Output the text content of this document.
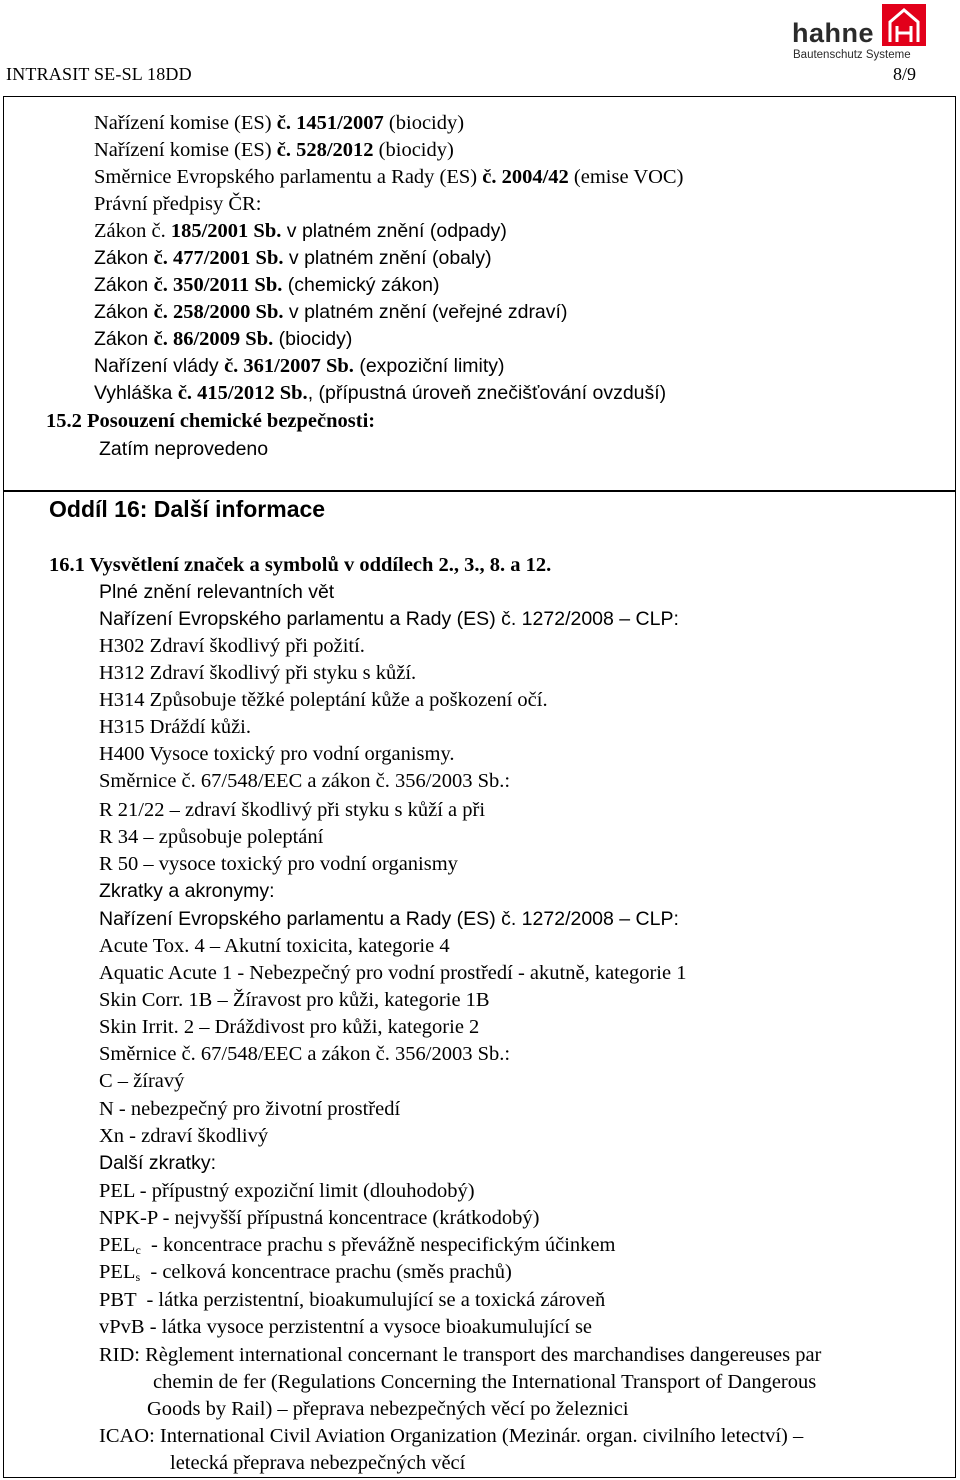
INTRASIT SE-SL 18DD	8/9
hahne
Bautenschutz Systeme
Nařízení komise (ES) č. 1451/2007 (biocidy)
Nařízení komise (ES) č. 528/2012 (biocidy)
Směrnice Evropského parlamentu a Rady (ES) č. 2004/42 (emise VOC)
Právní předpisy ČR:
Zákon č. 185/2001 Sb. v platném znění (odpady)
Zákon č. 477/2001 Sb. v platném znění (obaly)
Zákon č. 350/2011 Sb. (chemický zákon)
Zákon č. 258/2000 Sb. v platném znění (veřejné zdraví)
Zákon č. 86/2009 Sb. (biocidy)
Nařízení vlády č. 361/2007 Sb. (expoziční limity)
Vyhláška č. 415/2012 Sb., (přípustná úroveň znečišťování ovzduší)
15.2 Posouzení chemické bezpečnosti:
Zatím neprovedeno
Oddíl 16: Další informace
16.1 Vysvětlení značek a symbolů v oddílech 2., 3., 8. a 12.
Plné znění relevantních vět
Nařízení Evropského parlamentu a Rady (ES) č. 1272/2008 – CLP:
H302 Zdraví škodlivý při požití.
H312 Zdraví škodlivý při styku s kůží.
H314 Způsobuje těžké poleptání kůže a poškození očí.
H315 Dráždí kůži.
H400 Vysoce toxický pro vodní organismy.
Směrnice č. 67/548/EEC a zákon č. 356/2003 Sb.:
R 21/22 – zdraví škodlivý při styku s kůží a při
R 34 – způsobuje poleptání
R 50 – vysoce toxický pro vodní organismy
Zkratky a akronymy:
Nařízení Evropského parlamentu a Rady (ES) č. 1272/2008 – CLP:
Acute Tox. 4 – Akutní toxicita, kategorie 4
Aquatic Acute 1 - Nebezpečný pro vodní prostředí - akutně, kategorie 1
Skin Corr. 1B – Žíravost pro kůži, kategorie 1B
Skin Irrit. 2 – Dráždivost pro kůži, kategorie 2
Směrnice č. 67/548/EEC a zákon č. 356/2003 Sb.:
C – žíravý
N - nebezpečný pro životní prostředí
Xn - zdraví škodlivý
Další zkratky:
PEL - přípustný expoziční limit (dlouhodobý)
NPK-P - nejvyšší přípustná koncentrace (krátkodobý)
$PEL_c$  - koncentrace prachu s převážně nespecifickým účinkem
$PEL_s$  - celková koncentrace prachu (směs prachů)
PBT  - látka perzistentní, bioakumulující se a toxická zároveň
vPvB - látka vysoce perzistentní a vysoce bioakumulující se
RID: Règlement international concernant le transport des marchandises dangereuses par
chemin de fer (Regulations Concerning the International Transport of Dangerous
Goods by Rail) – přeprava nebezpečných věcí po železnici
ICAO: International Civil Aviation Organization (Mezinár. organ. civilního letectví) –
letecká přeprava nebezpečných věcí
